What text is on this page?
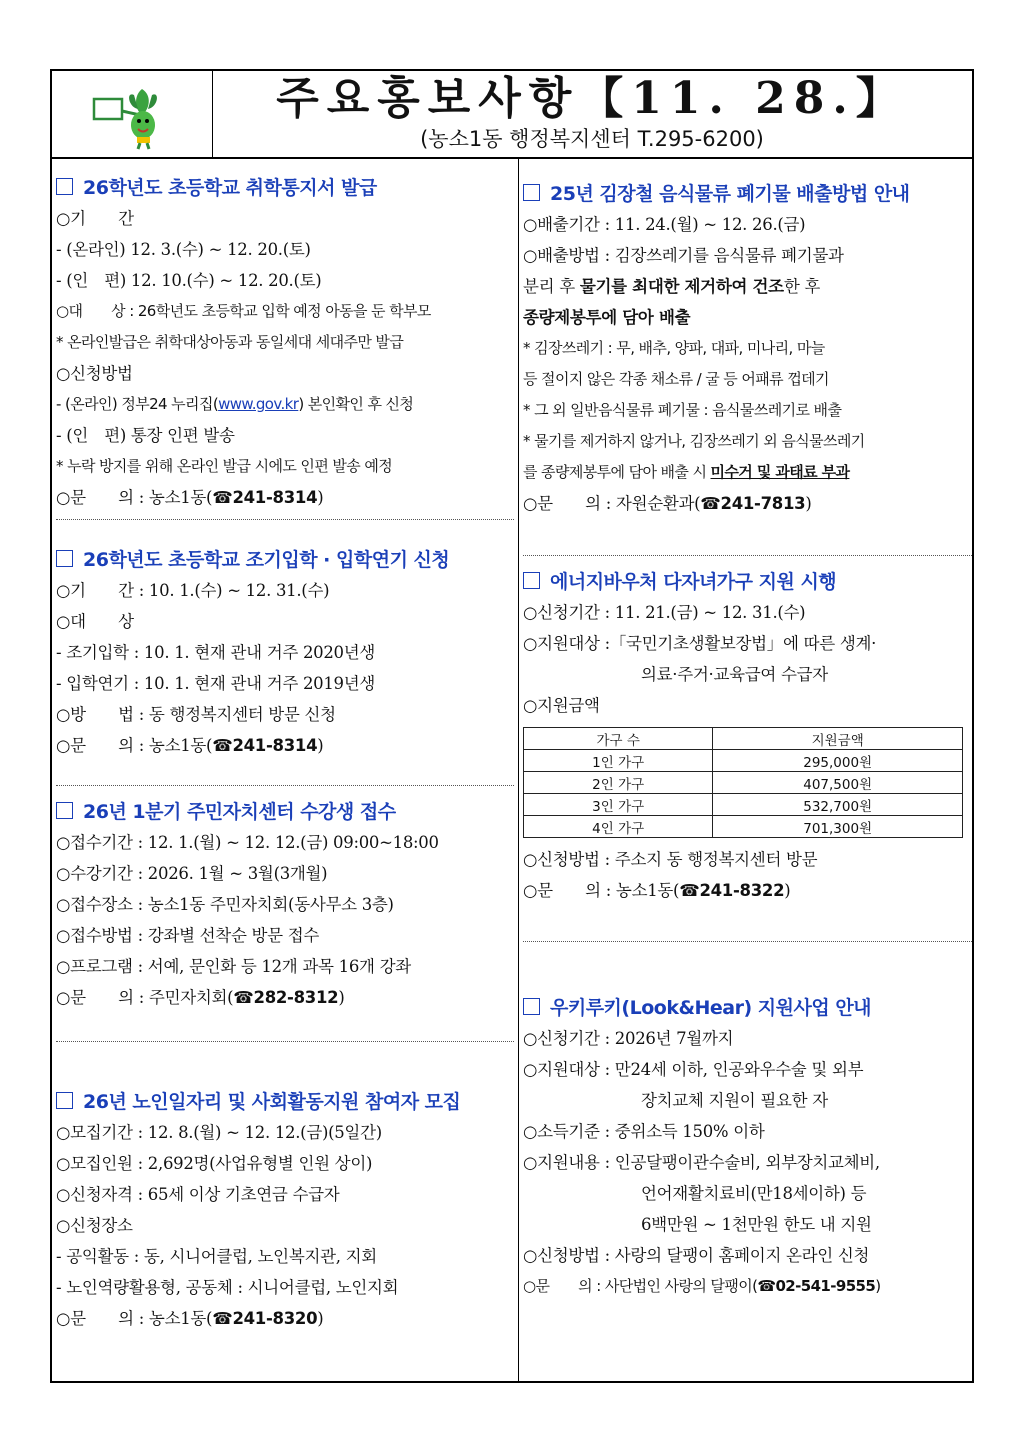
주요홍보사항【11. 28.】
(농소1동 행정복지센터 T.295-6200)
26학년도 초등학교 취학통지서 발급
○기　　간
- (온라인) 12. 3.(수) ~ 12. 20.(토)
- (인　편) 12. 10.(수) ~ 12. 20.(토)
○대　　상 : 26학년도 초등학교 입학 예정 아동을 둔 학부모
* 온라인발급은 취학대상아동과 동일세대 세대주만 발급
○신청방법
- (온라인) 정부24 누리집(www.gov.kr) 본인확인 후 신청
- (인　편) 통장 인편 발송
* 누락 방지를 위해 온라인 발급 시에도 인편 발송 예정
○문　　의 : 농소1동(☎241-8314)
26학년도 초등학교 조기입학 · 입학연기 신청
○기　　간 : 10. 1.(수) ~ 12. 31.(수)
○대　　상
- 조기입학 : 10. 1. 현재 관내 거주 2020년생
- 입학연기 : 10. 1. 현재 관내 거주 2019년생
○방　　법 : 동 행정복지센터 방문 신청
○문　　의 : 농소1동(☎241-8314)
26년 1분기 주민자치센터 수강생 접수
○접수기간 : 12. 1.(월) ~ 12. 12.(금) 09:00~18:00
○수강기간 : 2026. 1월 ~ 3월(3개월)
○접수장소 : 농소1동 주민자치회(동사무소 3층)
○접수방법 : 강좌별 선착순 방문 접수
○프로그램 : 서예, 문인화 등 12개 과목 16개 강좌
○문　　의 : 주민자치회(☎282-8312)
26년 노인일자리 및 사회활동지원 참여자 모집
○모집기간 : 12. 8.(월) ~ 12. 12.(금)(5일간)
○모집인원 : 2,692명(사업유형별 인원 상이)
○신청자격 : 65세 이상 기초연금 수급자
○신청장소
- 공익활동 : 동, 시니어클럽, 노인복지관, 지회
- 노인역량활용형, 공동체 : 시니어클럽, 노인지회
○문　　의 : 농소1동(☎241-8320)
25년 김장철 음식물류 폐기물 배출방법 안내
○배출기간 : 11. 24.(월) ~ 12. 26.(금)
○배출방법 : 김장쓰레기를 음식물류 폐기물과
분리 후 물기를 최대한 제거하여 건조한 후
종량제봉투에 담아 배출
* 김장쓰레기 : 무, 배추, 양파, 대파, 미나리, 마늘
등 절이지 않은 각종 채소류 / 굴 등 어패류 껍데기
* 그 외 일반음식물류 폐기물 : 음식물쓰레기로 배출
* 물기를 제거하지 않거나, 김장쓰레기 외 음식물쓰레기
를 종량제봉투에 담아 배출 시 미수거 및 과태료 부과
○문　　의 : 자원순환과(☎241-7813)
에너지바우처 다자녀가구 지원 시행
○신청기간 : 11. 21.(금) ~ 12. 31.(수)
○지원대상 :「국민기초생활보장법」에 따른 생계·
의료·주거·교육급여 수급자
○지원금액
가구 수	지원금액
1인 가구	295,000원
2인 가구	407,500원
3인 가구	532,700원
4인 가구	701,300원
○신청방법 : 주소지 동 행정복지센터 방문
○문　　의 : 농소1동(☎241-8322)
우키루키(Look&Hear) 지원사업 안내
○신청기간 : 2026년 7월까지
○지원대상 : 만24세 이하, 인공와우수술 및 외부
장치교체 지원이 필요한 자
○소득기준 : 중위소득 150% 이하
○지원내용 : 인공달팽이관수술비, 외부장치교체비,
언어재활치료비(만18세이하) 등
6백만원 ~ 1천만원 한도 내 지원
○신청방법 : 사랑의 달팽이 홈페이지 온라인 신청
○문　　의 : 사단법인 사랑의 달팽이(☎02-541-9555)
